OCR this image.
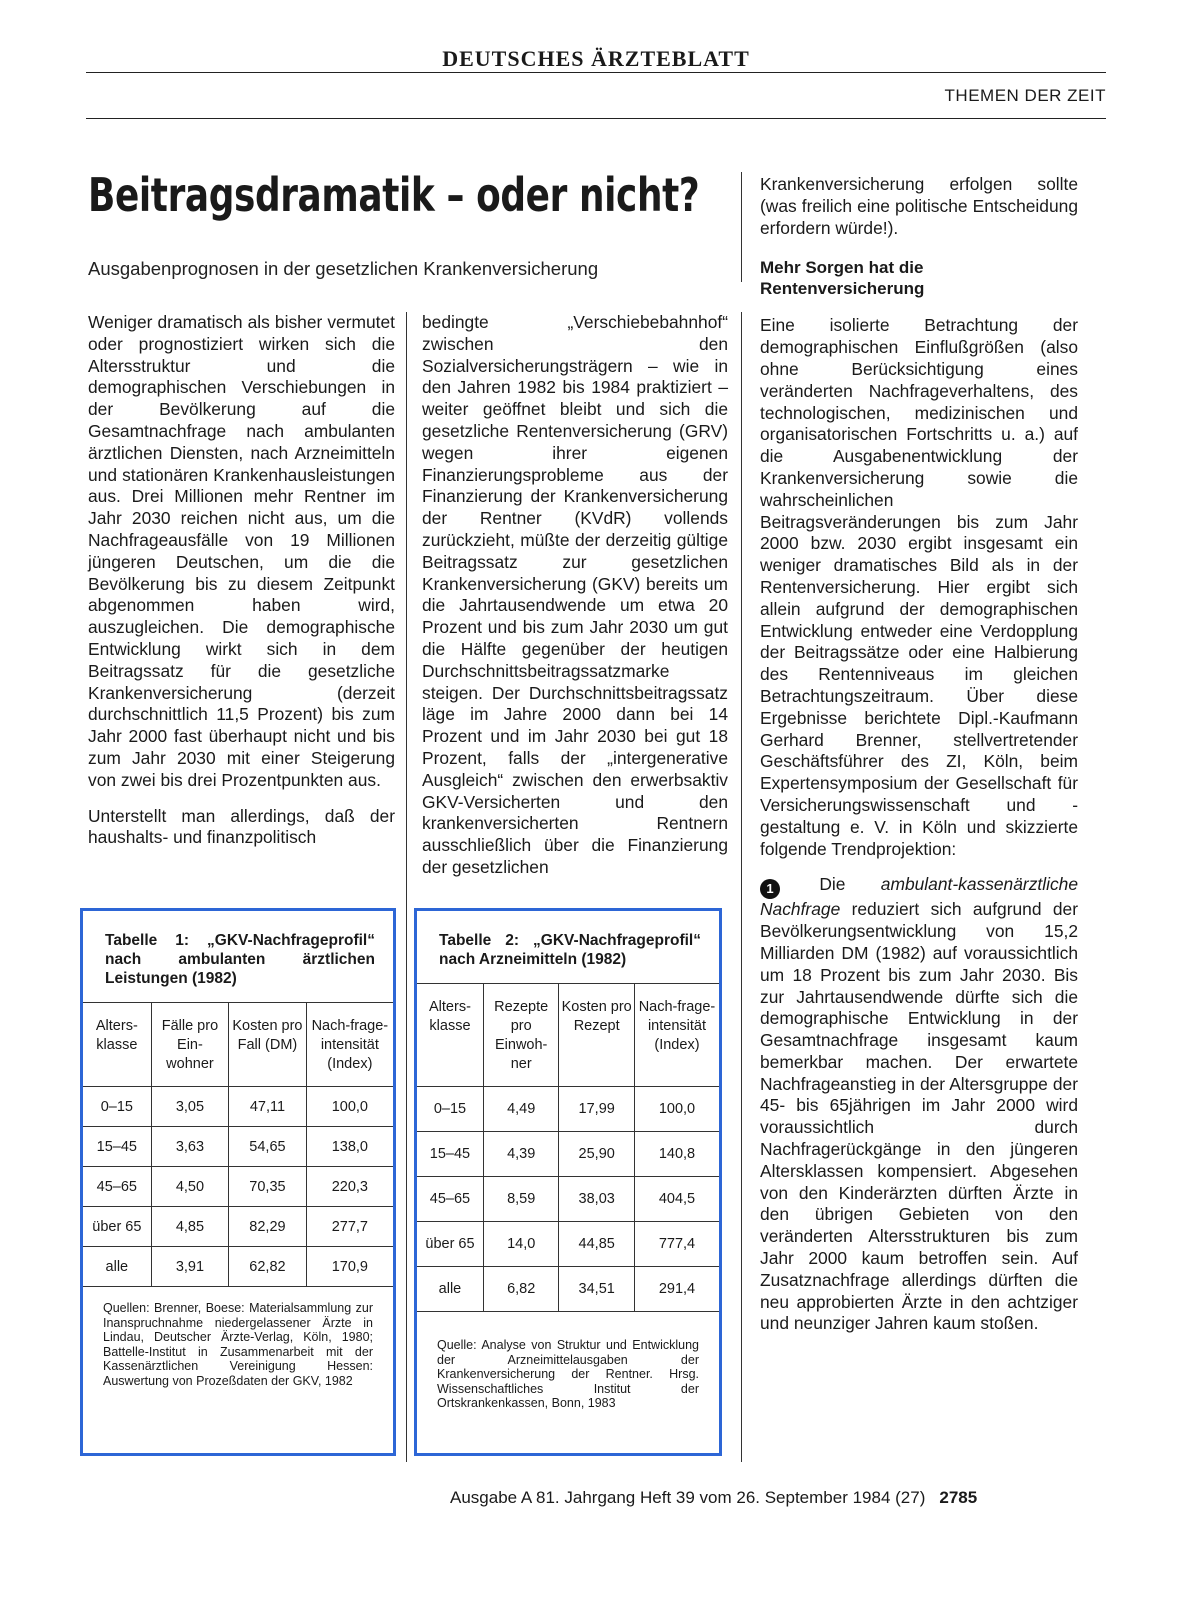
DEUTSCHES ÄRZTEBLATT
THEMEN DER ZEIT
Beitragsdramatik – oder nicht?
Ausgabenprognosen in der gesetzlichen Krankenversicherung

Weniger dramatisch als bisher vermutet oder prognostiziert wirken sich die Altersstruktur und die demographischen Verschiebungen in der Bevölkerung auf die Gesamtnachfrage nach ambulanten ärztlichen Diensten, nach Arzneimitteln und stationären Krankenhausleistungen aus. Drei Millionen mehr Rentner im Jahr 2030 reichen nicht aus, um die Nachfrageausfälle von 19 Millionen jüngeren Deutschen, um die die Bevölkerung bis zu diesem Zeitpunkt abgenommen haben wird, auszugleichen. Die demographische Entwicklung wirkt sich in dem Beitragssatz für die gesetzliche Krankenversicherung (derzeit durchschnittlich 11,5 Prozent) bis zum Jahr 2000 fast überhaupt nicht und bis zum Jahr 2030 mit einer Steigerung von zwei bis drei Prozentpunkten aus.

Unterstellt man allerdings, daß der haushalts- und finanzpolitisch

bedingte „Verschiebebahnhof“ zwischen den Sozialversicherungsträgern – wie in den Jahren 1982 bis 1984 praktiziert – weiter geöffnet bleibt und sich die gesetzliche Rentenversicherung (GRV) wegen ihrer eigenen Finanzierungsprobleme aus der Finanzierung der Krankenversicherung der Rentner (KVdR) vollends zurückzieht, müßte der derzeitig gültige Beitragssatz zur gesetzlichen Krankenversicherung (GKV) bereits um die Jahrtausendwende um etwa 20 Prozent und bis zum Jahr 2030 um gut die Hälfte gegenüber der heutigen Durchschnittsbeitragssatzmarke steigen. Der Durchschnittsbeitragssatz läge im Jahre 2000 dann bei 14 Prozent und im Jahr 2030 bei gut 18 Prozent, falls der „intergenerative Ausgleich“ zwischen den erwerbsaktiv GKV-Versicherten und den krankenversicherten Rentnern ausschließlich über die Finanzierung der gesetzlichen

Krankenversicherung erfolgen sollte (was freilich eine politische Entscheidung erfordern würde!).

Mehr Sorgen hat die Rentenversicherung

Eine isolierte Betrachtung der demographischen Einflußgrößen (also ohne Berücksichtigung eines veränderten Nachfrageverhaltens, des technologischen, medizinischen und organisatorischen Fortschritts u. a.) auf die Ausgabenentwicklung der Krankenversicherung sowie die wahrscheinlichen Beitragsveränderungen bis zum Jahr 2000 bzw. 2030 ergibt insgesamt ein weniger dramatisches Bild als in der Rentenversicherung. Hier ergibt sich allein aufgrund der demographischen Entwicklung entweder eine Verdopplung der Beitragssätze oder eine Halbierung des Rentenniveaus im gleichen Betrachtungszeitraum. Über diese Ergebnisse berichtete Dipl.-Kaufmann Gerhard Brenner, stellvertretender Geschäftsführer des ZI, Köln, beim Expertensymposium der Gesellschaft für Versicherungswissenschaft und -gestaltung e. V. in Köln und skizzierte folgende Trendprojektion:

1	Die ambulant-kassenärztliche Nachfrage reduziert sich aufgrund der Bevölkerungsentwicklung von 15,2 Milliarden DM (1982) auf voraussichtlich um 18 Prozent bis zum Jahr 2030. Bis zur Jahrtausendwende dürfte sich die demographische Entwicklung in der Gesamtnachfrage insgesamt kaum bemerkbar machen. Der erwartete Nachfrageanstieg in der Altersgruppe der 45- bis 65jährigen im Jahr 2000 wird voraussichtlich durch Nachfragerückgänge in den jüngeren Altersklassen kompensiert. Abgesehen von den Kinderärzten dürften Ärzte in den übrigen Gebieten von den veränderten Altersstrukturen bis zum Jahr 2000 kaum betroffen sein. Auf Zusatznachfrage allerdings dürften die neu approbierten Ärzte in den achtziger und neunziger Jahren kaum stoßen.

Tabelle 1: „GKV-Nachfrageprofil“ nach ambulanten ärztlichen Leistungen (1982)
Alters-klasse	Fälle pro Ein-wohner	Kosten pro Fall (DM)	Nach-frage-intensität (Index)
0–15	3,05	47,11	100,0
15–45	3,63	54,65	138,0
45–65	4,50	70,35	220,3
über 65	4,85	82,29	277,7
alle	3,91	62,82	170,9

Quellen: Brenner, Boese: Materialsammlung zur Inanspruchnahme niedergelassener Ärzte in Lindau, Deutscher Ärzte-Verlag, Köln, 1980; Battelle-Institut in Zusammenarbeit mit der Kassenärztlichen Vereinigung Hessen: Auswertung von Prozeßdaten der GKV, 1982
Tabelle 2: „GKV-Nachfrageprofil“ nach Arzneimitteln (1982)
Alters-klasse	Rezepte pro Einwoh-ner	Kosten pro Rezept	Nach-frage-intensität (Index)
0–15	4,49	17,99	100,0
15–45	4,39	25,90	140,8
45–65	8,59	38,03	404,5
über 65	14,0	44,85	777,4
alle	6,82	34,51	291,4

Quelle: Analyse von Struktur und Entwicklung der Arzneimittelausgaben der Krankenversicherung der Rentner. Hrsg. Wissenschaftliches Institut der Ortskrankenkassen, Bonn, 1983
Ausgabe A 81. Jahrgang Heft 39 vom 26. September 1984 (27) 2785
